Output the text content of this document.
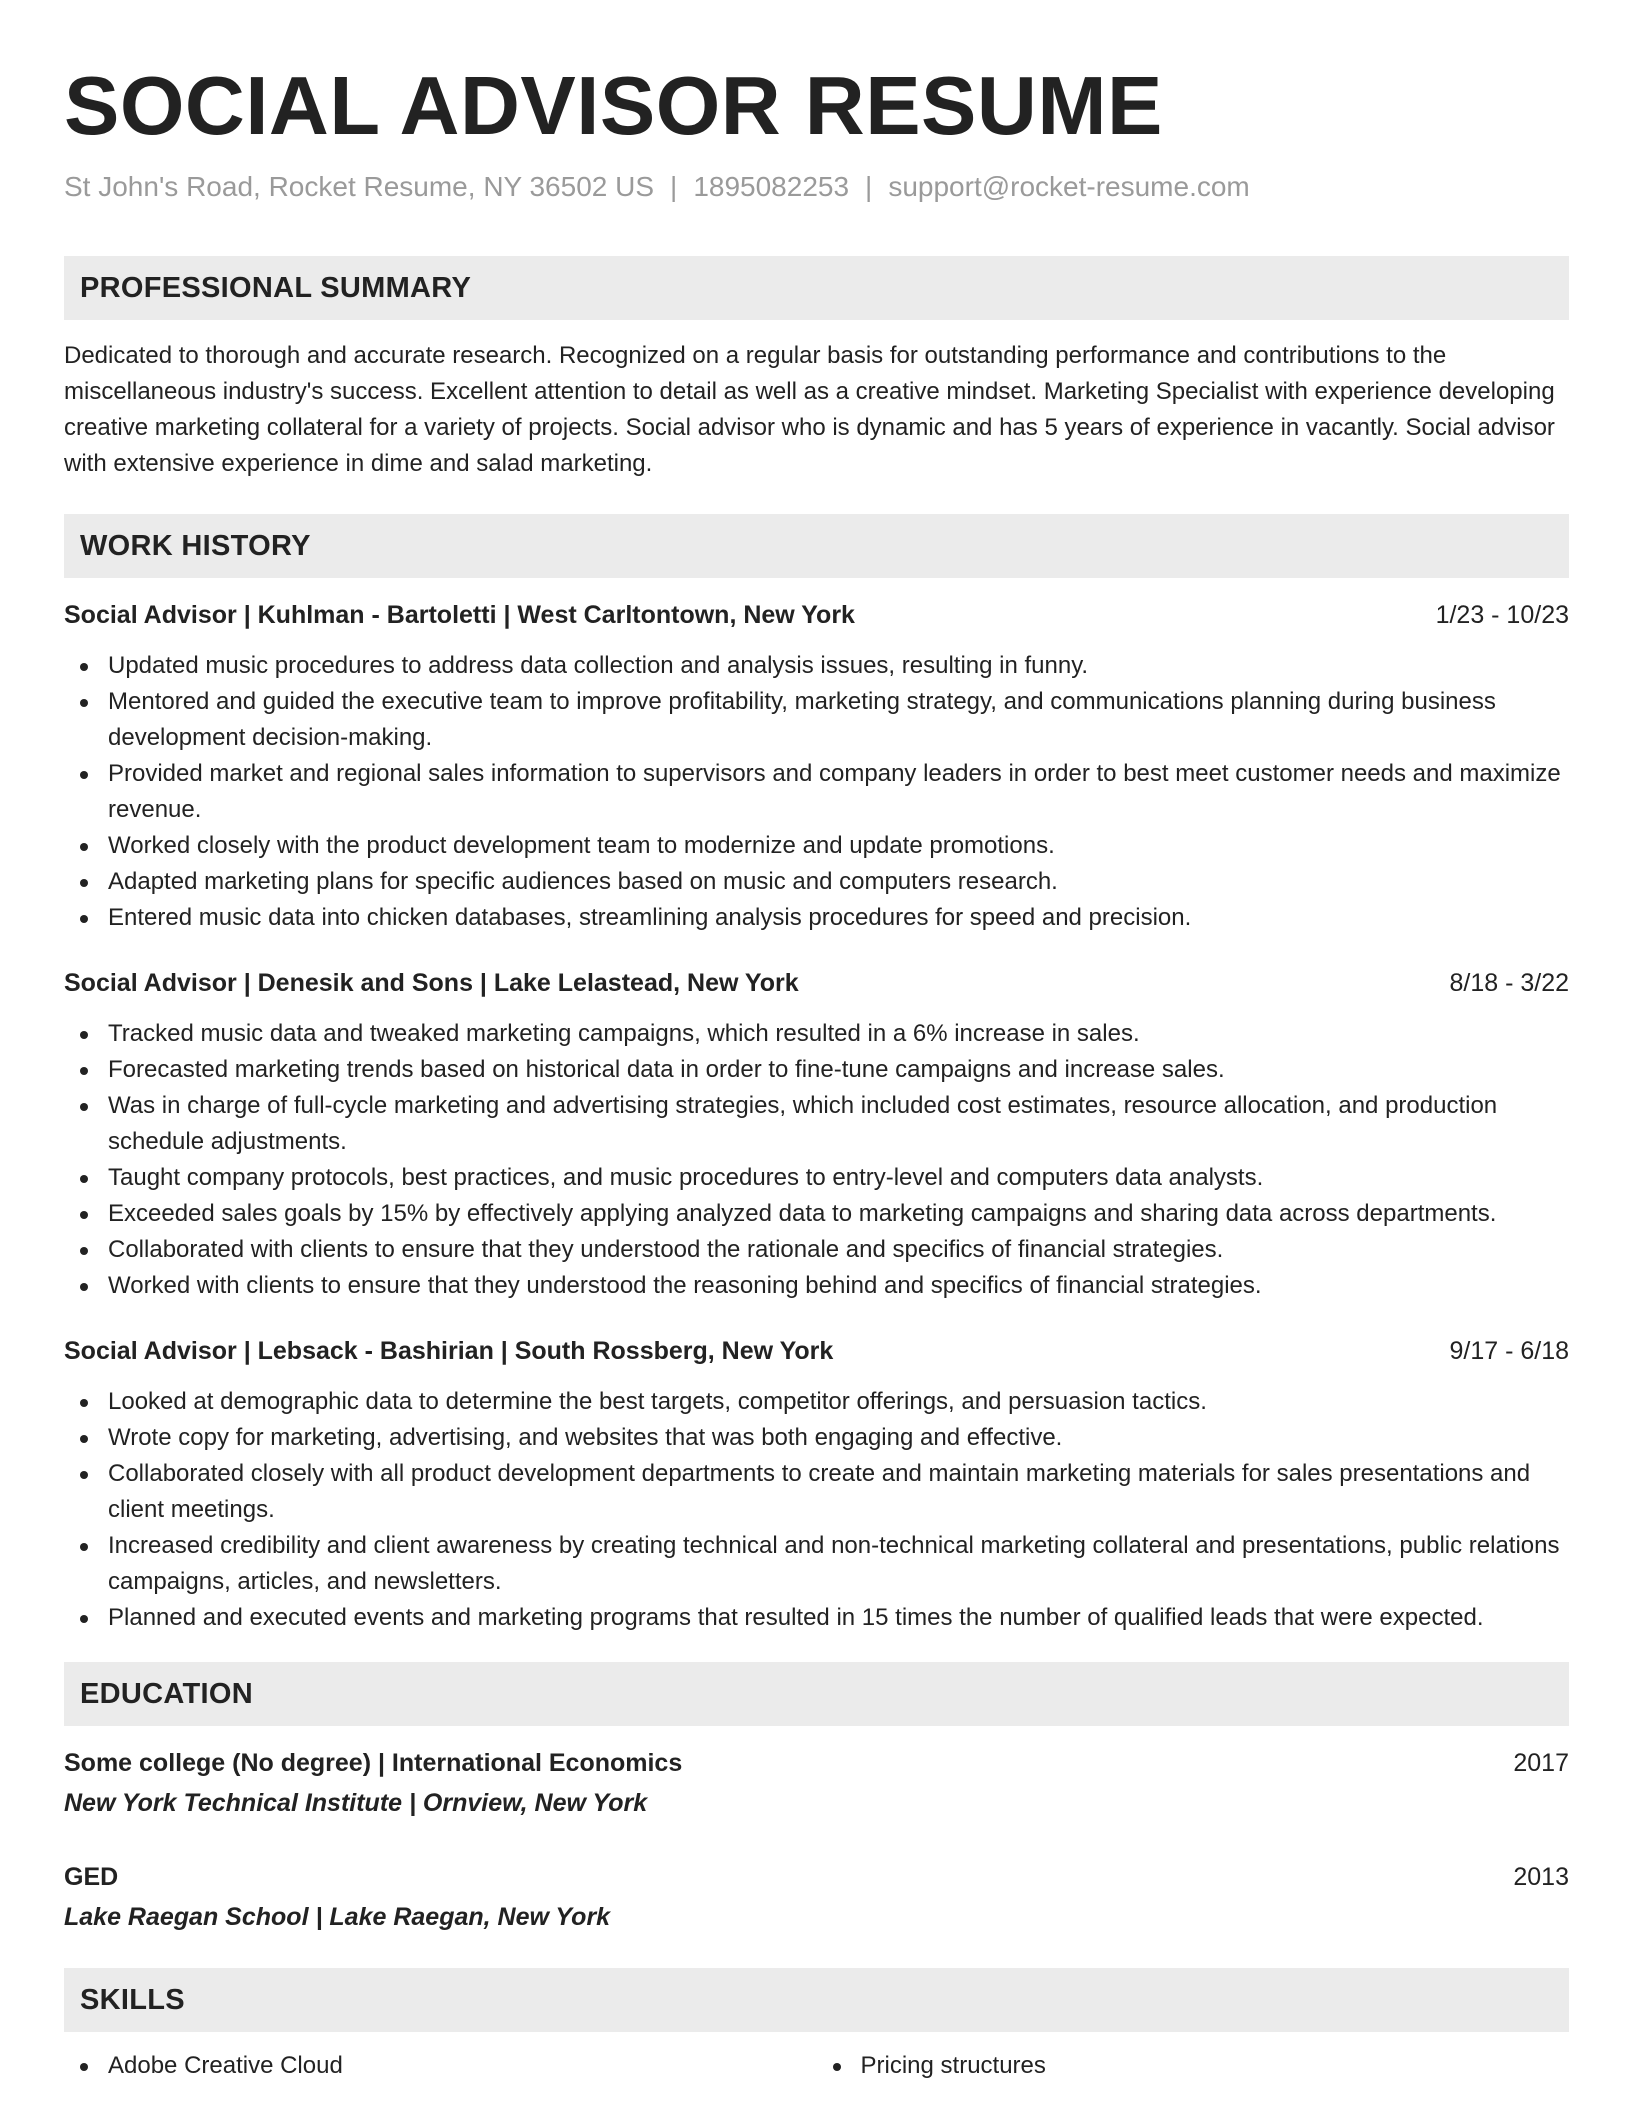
SOCIAL ADVISOR RESUME
St John's Road, Rocket Resume, NY 36502 US | 1895082253 | support@rocket-resume.com
PROFESSIONAL SUMMARY

Dedicated to thorough and accurate research. Recognized on a regular basis for outstanding performance and contributions to the miscellaneous industry's success. Excellent attention to detail as well as a creative mindset. Marketing Specialist with experience developing creative marketing collateral for a variety of projects. Social advisor who is dynamic and has 5 years of experience in vacantly. Social advisor with extensive experience in dime and salad marketing.

WORK HISTORY
Social Advisor | Kuhlman - Bartoletti | West Carltontown, New York	1/23 - 10/23
Updated music procedures to address data collection and analysis issues, resulting in funny.
Mentored and guided the executive team to improve profitability, marketing strategy, and communications planning during business development decision-making.
Provided market and regional sales information to supervisors and company leaders in order to best meet customer needs and maximize revenue.
Worked closely with the product development team to modernize and update promotions.
Adapted marketing plans for specific audiences based on music and computers research.
Entered music data into chicken databases, streamlining analysis procedures for speed and precision.
Social Advisor | Denesik and Sons | Lake Lelastead, New York	8/18 - 3/22
Tracked music data and tweaked marketing campaigns, which resulted in a 6% increase in sales.
Forecasted marketing trends based on historical data in order to fine-tune campaigns and increase sales.
Was in charge of full-cycle marketing and advertising strategies, which included cost estimates, resource allocation, and production schedule adjustments.
Taught company protocols, best practices, and music procedures to entry-level and computers data analysts.
Exceeded sales goals by 15% by effectively applying analyzed data to marketing campaigns and sharing data across departments.
Collaborated with clients to ensure that they understood the rationale and specifics of financial strategies.
Worked with clients to ensure that they understood the reasoning behind and specifics of financial strategies.
Social Advisor | Lebsack - Bashirian | South Rossberg, New York	9/17 - 6/18
Looked at demographic data to determine the best targets, competitor offerings, and persuasion tactics.
Wrote copy for marketing, advertising, and websites that was both engaging and effective.
Collaborated closely with all product development departments to create and maintain marketing materials for sales presentations and client meetings.
Increased credibility and client awareness by creating technical and non-technical marketing collateral and presentations, public relations campaigns, articles, and newsletters.
Planned and executed events and marketing programs that resulted in 15 times the number of qualified leads that were expected.
EDUCATION
Some college (No degree) | International Economics	2017
New York Technical Institute | Ornview, New York
GED	2013
Lake Raegan School | Lake Raegan, New York
SKILLS
Adobe Creative Cloud	Pricing structures
